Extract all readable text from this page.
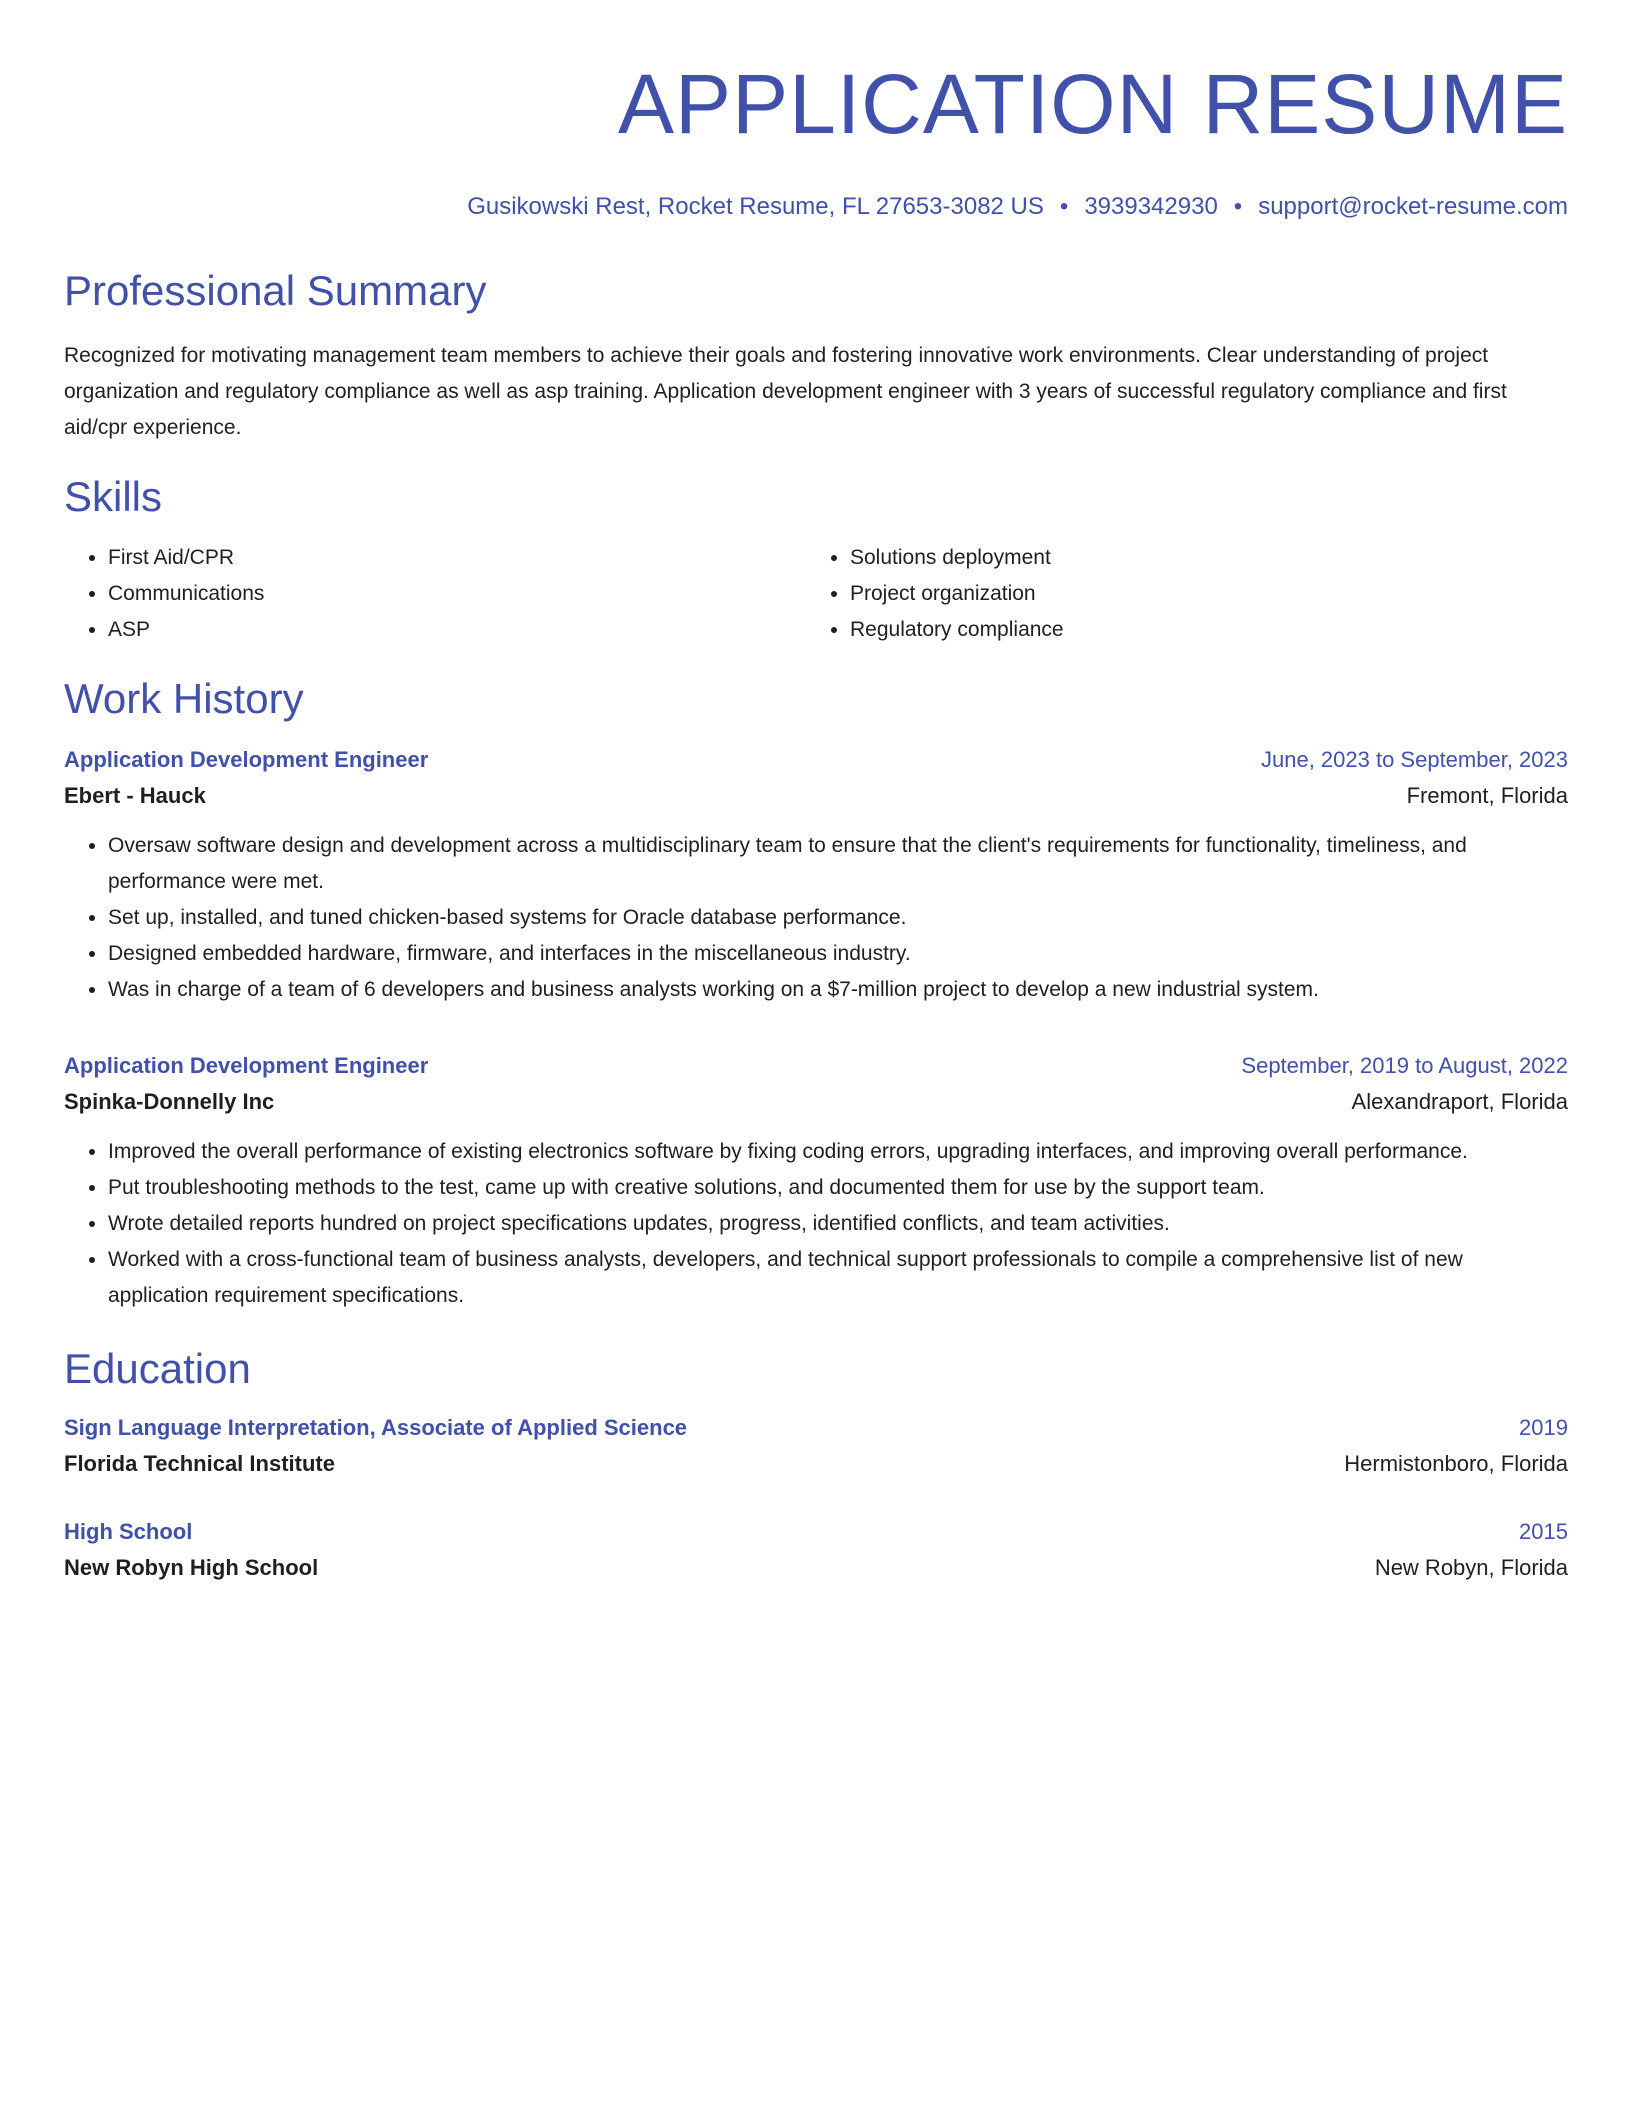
APPLICATION RESUME
Gusikowski Rest, Rocket Resume, FL 27653-3082 US • 3939342930 • support@rocket-resume.com
Professional Summary
Recognized for motivating management team members to achieve their goals and fostering innovative work environments. Clear understanding of project organization and regulatory compliance as well as asp training. Application development engineer with 3 years of successful regulatory compliance and first aid/cpr experience.
Skills
• First Aid/CPR
• Communications
• ASP
• Solutions deployment
• Project organization
• Regulatory compliance
Work History
Application Development Engineer	June, 2023 to September, 2023
Ebert - Hauck	Fremont, Florida
• Oversaw software design and development across a multidisciplinary team to ensure that the client's requirements for functionality, timeliness, and performance were met.
• Set up, installed, and tuned chicken-based systems for Oracle database performance.
• Designed embedded hardware, firmware, and interfaces in the miscellaneous industry.
• Was in charge of a team of 6 developers and business analysts working on a $7-million project to develop a new industrial system.
Application Development Engineer	September, 2019 to August, 2022
Spinka-Donnelly Inc	Alexandraport, Florida
• Improved the overall performance of existing electronics software by fixing coding errors, upgrading interfaces, and improving overall performance.
• Put troubleshooting methods to the test, came up with creative solutions, and documented them for use by the support team.
• Wrote detailed reports hundred on project specifications updates, progress, identified conflicts, and team activities.
• Worked with a cross-functional team of business analysts, developers, and technical support professionals to compile a comprehensive list of new application requirement specifications.
Education
Sign Language Interpretation, Associate of Applied Science	2019
Florida Technical Institute	Hermistonboro, Florida
High School	2015
New Robyn High School	New Robyn, Florida
